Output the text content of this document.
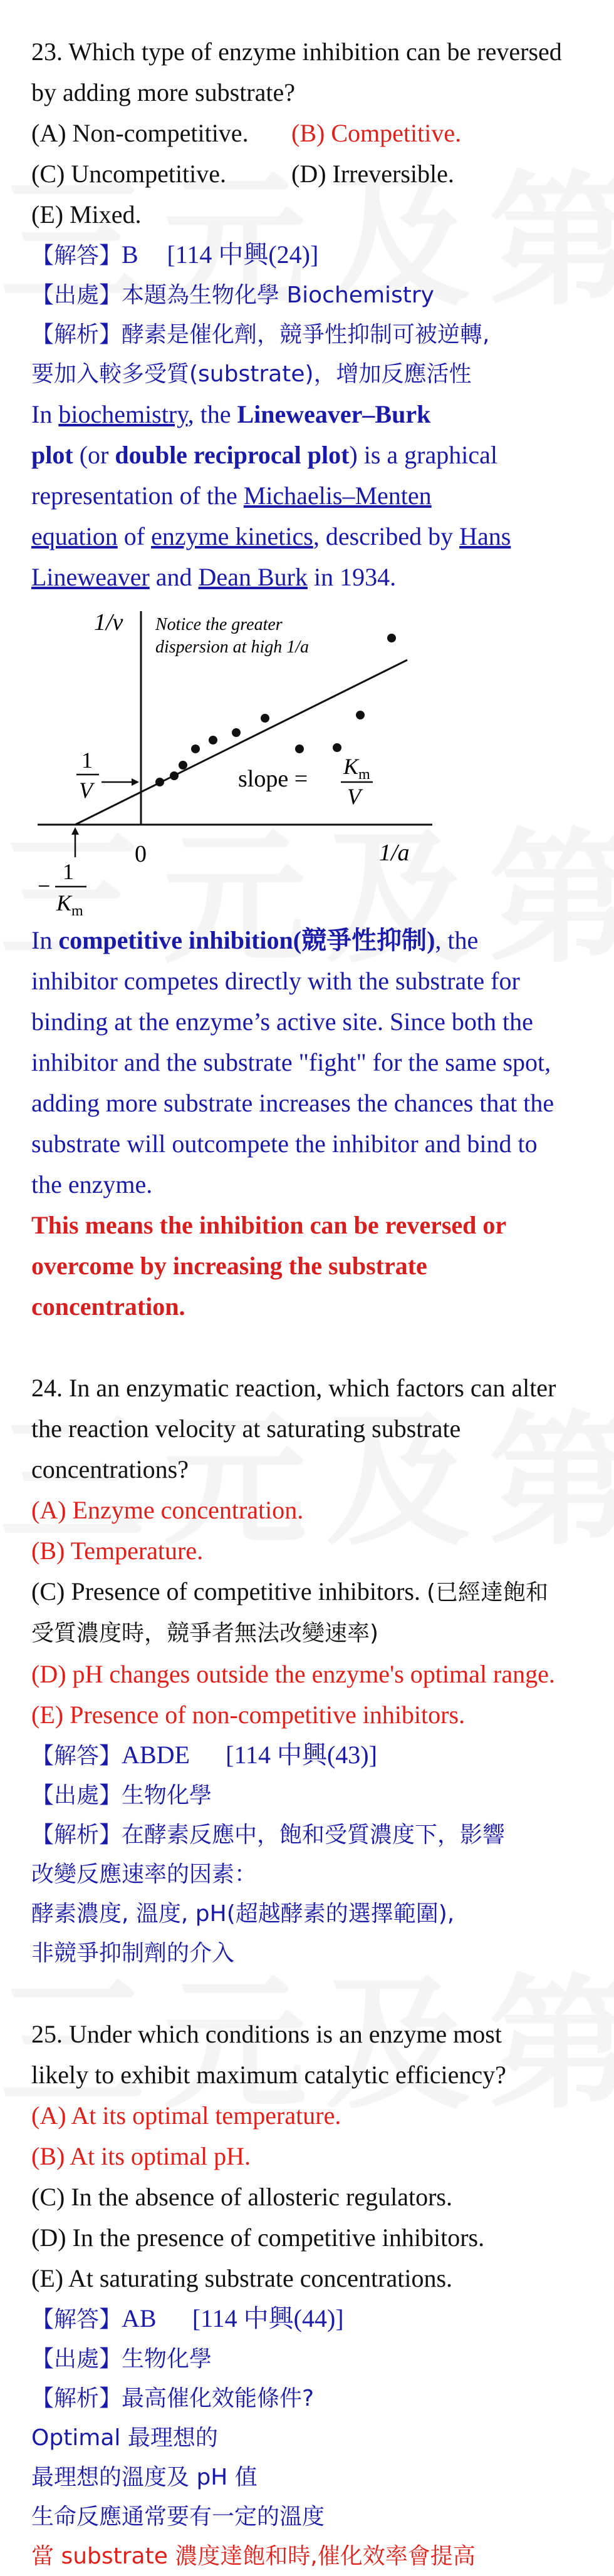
23. Which type of enzyme inhibition can be reversed
by adding more substrate?
(A) Non-competitive.	(B) Competitive.
(C) Uncompetitive.	(D) Irreversible.
(E) Mixed.
【解答】B [114 中興(24)]
【出處】本題為生物化學 Biochemistry
【解析】酵素是催化劑，競爭性抑制可被逆轉,
要加入較多受質(substrate)，增加反應活性
In biochemistry, the Lineweaver–Burk
plot (or double reciprocal plot) is a graphical
representation of the Michaelis–Menten
equation of enzyme kinetics, described by Hans
Lineweaver and Dean Burk in 1934.
1/v
1/a
0
Notice the greater
dispersion at high 1/a
slope = $K_m$
V
1
V
−
1
$K_m$
In competitive inhibition(競爭性抑制), the
inhibitor competes directly with the substrate for
binding at the enzyme’s active site. Since both the
inhibitor and the substrate "fight" for the same spot,
adding more substrate increases the chances that the
substrate will outcompete the inhibitor and bind to
the enzyme.
This means the inhibition can be reversed or
overcome by increasing the substrate
concentration.
24. In an enzymatic reaction, which factors can alter
the reaction velocity at saturating substrate
concentrations?
(A) Enzyme concentration.
(B) Temperature.
(C) Presence of competitive inhibitors. (已經達飽和
受質濃度時，競爭者無法改變速率)
(D) pH changes outside the enzyme's optimal range.
(E) Presence of non-competitive inhibitors.
【解答】ABDE [114 中興(43)]
【出處】生物化學
【解析】在酵素反應中，飽和受質濃度下，影響
改變反應速率的因素：
酵素濃度, 溫度, pH(超越酵素的選擇範圍),
非競爭抑制劑的介入
25. Under which conditions is an enzyme most
likely to exhibit maximum catalytic efficiency?
(A) At its optimal temperature.
(B) At its optimal pH.
(C) In the absence of allosteric regulators.
(D) In the presence of competitive inhibitors.
(E) At saturating substrate concentrations.
【解答】AB [114 中興(44)]
【出處】生物化學
【解析】最高催化效能條件?
Optimal 最理想的
最理想的溫度及 pH 值
生命反應通常要有一定的溫度
當 substrate 濃度達飽和時,催化效率會提高
